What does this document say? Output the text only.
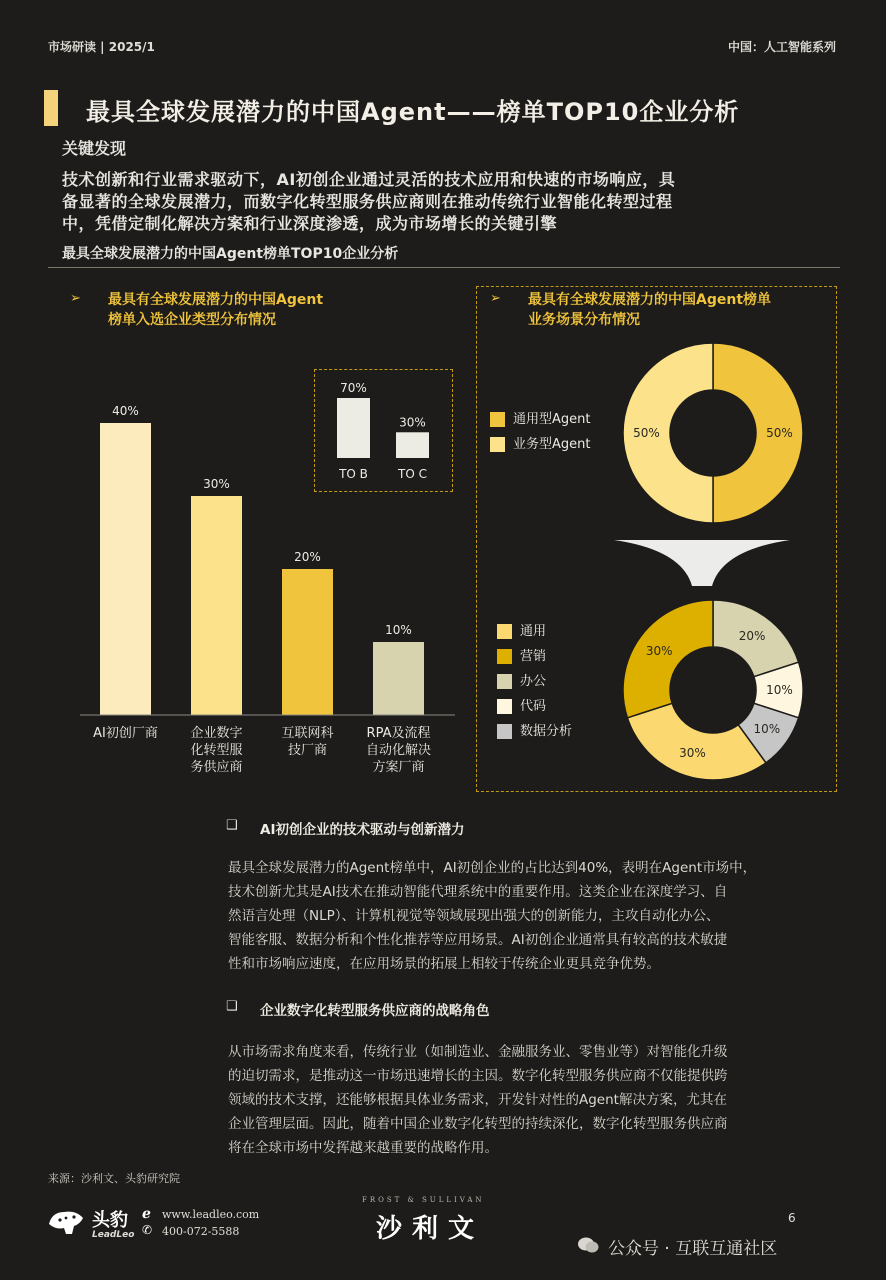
市场研读 | 2025/1	中国：人工智能系列
最具全球发展潜力的中国Agent——榜单TOP10企业分析
关键发现
技术创新和行业需求驱动下，AI初创企业通过灵活的技术应用和快速的市场响应，具
备显著的全球发展潜力，而数字化转型服务供应商则在推动传统行业智能化转型过程
中，凭借定制化解决方案和行业深度渗透，成为市场增长的关键引擎
最具全球发展潜力的中国Agent榜单TOP10企业分析
➢ 最具有全球发展潜力的中国Agent
榜单入选企业类型分布情况
➢ 最具有全球发展潜力的中国Agent榜单
业务场景分布情况
40%
30%
20%
10%
AI初创厂商	企业数字
化转型服
务供应商
互联网科
技厂商
RPA及流程
自动化解决
方案厂商
70%
TO B
30%
TO C
通用型Agent
业务型Agent
50%
50%
通用
营销
办公
代码
数据分析
20%
10%
10%
30%
30%
❑ AI初创企业的技术驱动与创新潜力
最具全球发展潜力的Agent榜单中，AI初创企业的占比达到40%，表明在Agent市场中，
技术创新尤其是AI技术在推动智能代理系统中的重要作用。这类企业在深度学习、自
然语言处理（NLP）、计算机视觉等领域展现出强大的创新能力，主攻自动化办公、
智能客服、数据分析和个性化推荐等应用场景。AI初创企业通常具有较高的技术敏捷
性和市场响应速度，在应用场景的拓展上相较于传统企业更具竞争优势。
❑ 企业数字化转型服务供应商的战略角色
从市场需求角度来看，传统行业（如制造业、金融服务业、零售业等）对智能化升级
的迫切需求，是推动这一市场迅速增长的主因。数字化转型服务供应商不仅能提供跨
领域的技术支撑，还能够根据具体业务需求，开发针对性的Agent解决方案，尤其在
企业管理层面。因此，随着中国企业数字化转型的持续深化，数字化转型服务供应商
将在全球市场中发挥越来越重要的战略作用。
来源：沙利文、头豹研究院
头豹
LeadLeo
ℯ www.leadleo.com
✆ 400-072-5588
FROST & SULLIVAN
沙利文	6
公众号 · 互联互通社区
